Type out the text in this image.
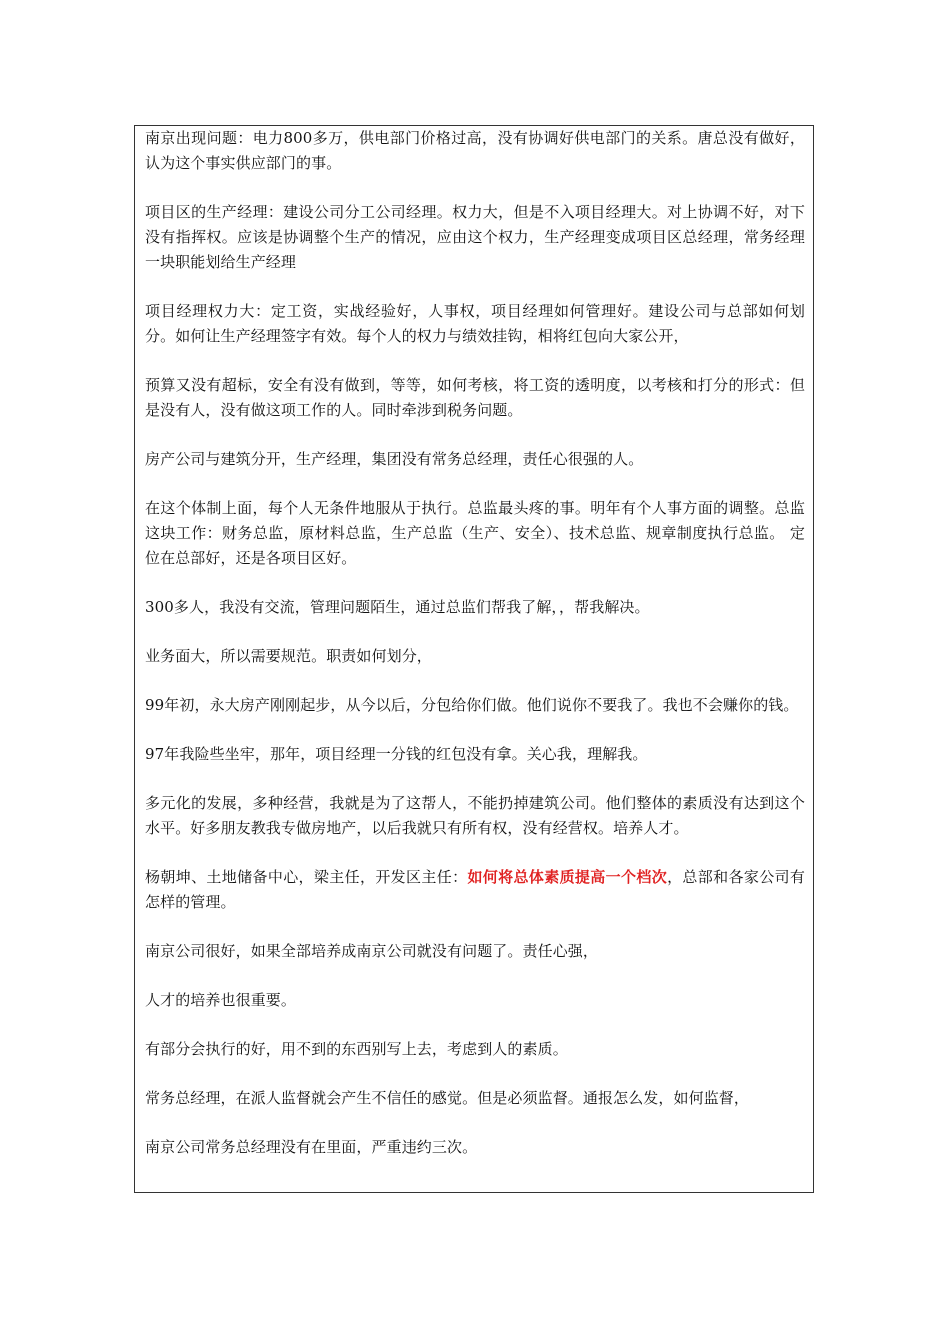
南京出现问题：电力800多万，供电部门价格过高，没有协调好供电部门的关系。唐总没有做好，认为这个事实供应部门的事。

项目区的生产经理：建设公司分工公司经理。权力大，但是不入项目经理大。对上协调不好，对下没有指挥权。应该是协调整个生产的情况，应由这个权力，生产经理变成项目区总经理，常务经理一块职能划给生产经理

项目经理权力大：定工资，实战经验好，人事权，项目经理如何管理好。建设公司与总部如何划分。如何让生产经理签字有效。每个人的权力与绩效挂钩，相将红包向大家公开，

预算又没有超标，安全有没有做到，等等，如何考核，将工资的透明度，以考核和打分的形式：但是没有人，没有做这项工作的人。同时牵涉到税务问题。

房产公司与建筑分开，生产经理，集团没有常务总经理，责任心很强的人。

在这个体制上面，每个人无条件地服从于执行。总监最头疼的事。明年有个人事方面的调整。总监这块工作：财务总监，原材料总监，生产总监（生产、安全）、技术总监、规章制度执行总监。 定位在总部好，还是各项目区好。

300多人，我没有交流，管理问题陌生，通过总监们帮我了解，，帮我解决。

业务面大，所以需要规范。职责如何划分，

99年初，永大房产刚刚起步，从今以后，分包给你们做。他们说你不要我了。我也不会赚你的钱。

97年我险些坐牢，那年，项目经理一分钱的红包没有拿。关心我，理解我。

多元化的发展，多种经营，我就是为了这帮人，不能扔掉建筑公司。他们整体的素质没有达到这个水平。好多朋友教我专做房地产，以后我就只有所有权，没有经营权。培养人才。

杨朝坤、土地储备中心，梁主任，开发区主任：如何将总体素质提高一个档次，总部和各家公司有怎样的管理。

南京公司很好，如果全部培养成南京公司就没有问题了。责任心强，

人才的培养也很重要。

有部分会执行的好，用不到的东西别写上去，考虑到人的素质。

常务总经理，在派人监督就会产生不信任的感觉。但是必须监督。通报怎么发，如何监督，

南京公司常务总经理没有在里面，严重违约三次。
